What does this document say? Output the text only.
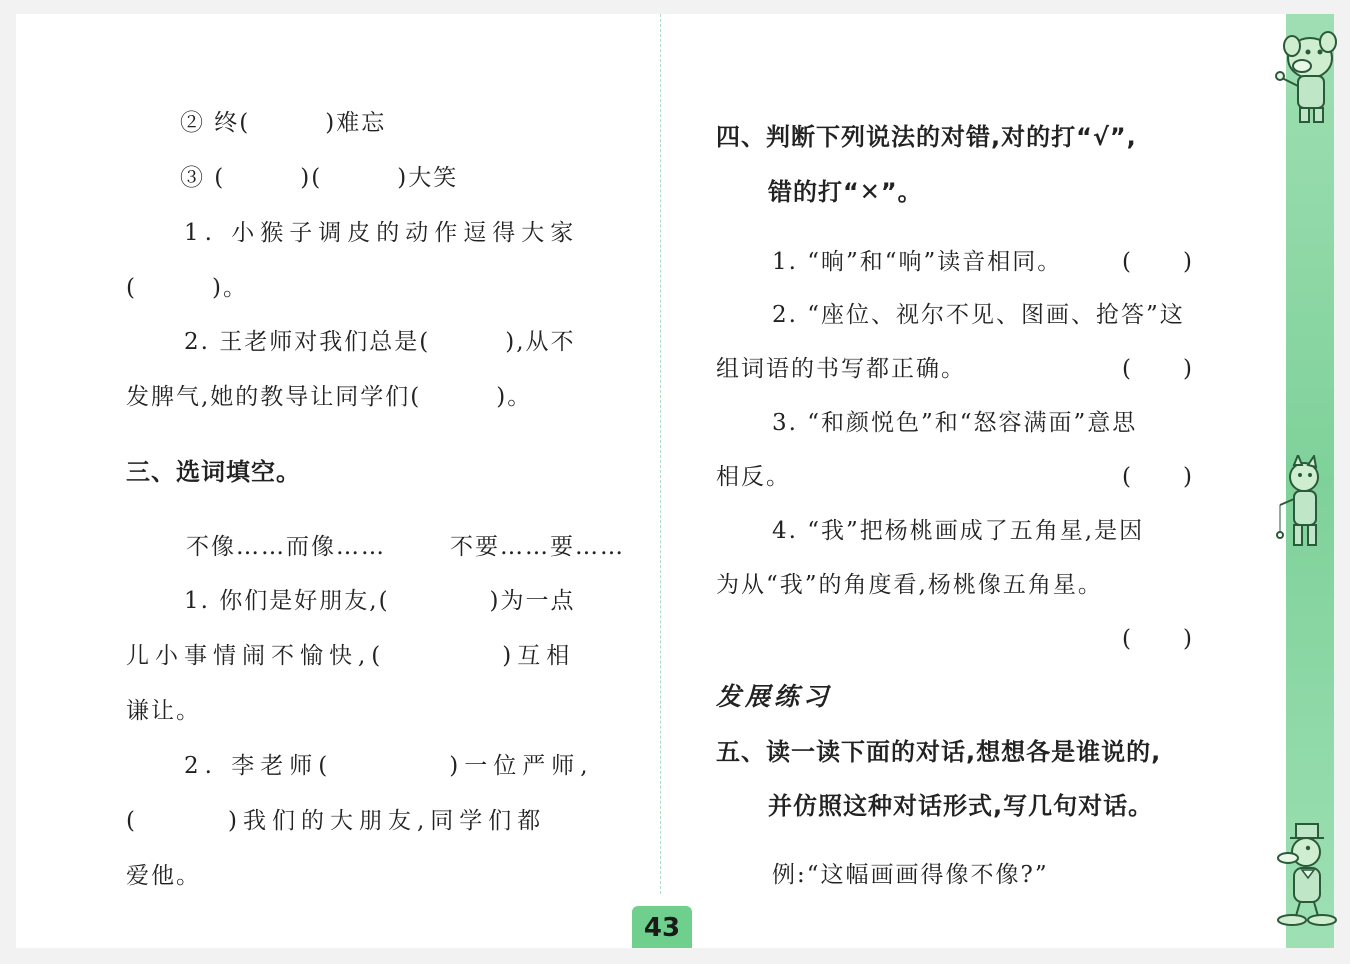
② 终(　　　)难忘
③ (　　　)(　　　)大笑
1. 小猴子调皮的动作逗得大家
(　　　)。
2. 王老师对我们总是(　　　),从不
发脾气,她的教导让同学们(　　　)。
三、选词填空。
不像……而像……	不要……要……
1. 你们是好朋友,(　　　　)为一点
儿小事情闹不愉快,(　　　　)互相
谦让。
2. 李老师(　　　　)一位严师,
(　　　)我们的大朋友,同学们都
爱他。
四、判断下列说法的对错,对的打“√”,
错的打“✕”。
1. “晌”和“响”读音相同。	(　　)
2. “座位、视尔不见、图画、抢答”这
组词语的书写都正确。	(　　)
3. “和颜悦色”和“怒容满面”意思
相反。	(　　)
4. “我”把杨桃画成了五角星,是因
为从“我”的角度看,杨桃像五角星。
(　　)
发展练习
五、读一读下面的对话,想想各是谁说的,
并仿照这种对话形式,写几句对话。
例:“这幅画画得像不像?”
43
